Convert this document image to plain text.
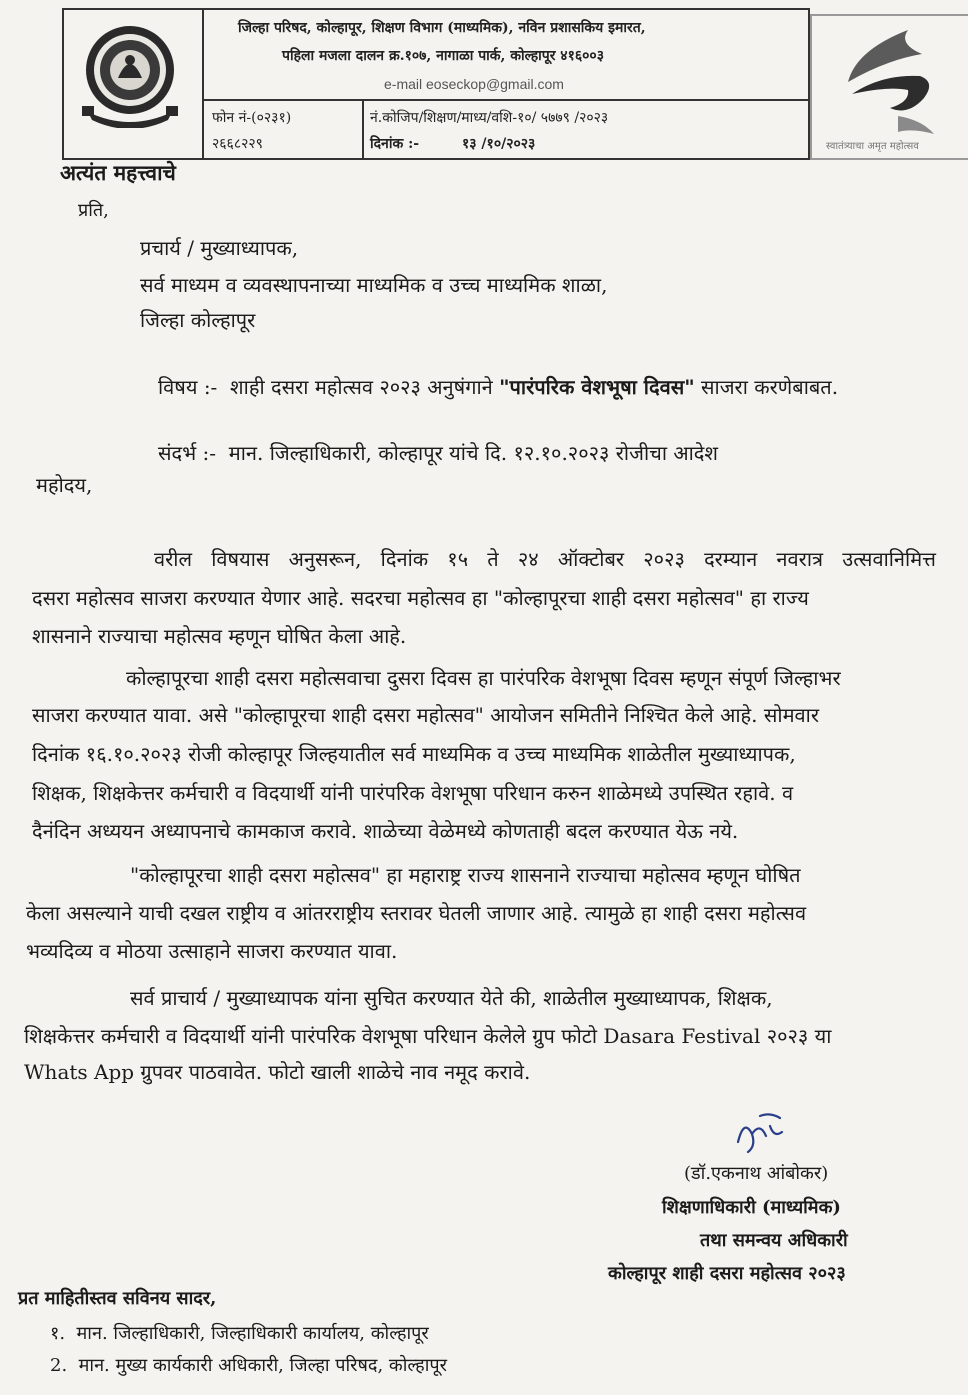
जिल्हा परिषद, कोल्हापूर, शिक्षण विभाग (माध्यमिक), नविन प्रशासकिय इमारत,
पहिला मजला दालन क्र.१०७, नागाळा पार्क, कोल्हापूर ४१६००३
e-mail eoseckop@gmail.com
फोन नं-(०२३१)
२६६८२२९
नं.कोजिप/शिक्षण/माध्य/वशि-१०/ ५७७९ /२०२३
दिनांक :-	१३ /१०/२०२३	स्वातंत्र्याचा अमृत महोत्सव
अत्यंत महत्त्वाचे
प्रति,
प्रचार्य / मुख्याध्यापक,
सर्व माध्यम व व्यवस्थापनाच्या माध्यमिक व उच्च माध्यमिक शाळा,
जिल्हा कोल्हापूर
विषय :- शाही दसरा महोत्सव २०२३ अनुषंगाने "पारंपरिक वेशभूषा दिवस" साजरा करणेबाबत.
संदर्भ :- मान. जिल्हाधिकारी, कोल्हापूर यांचे दि. १२.१०.२०२३ रोजीचा आदेश
महोदय,
वरील विषयास अनुसरून, दिनांक १५ ते २४ ऑक्टोबर २०२३ दरम्यान नवरात्र उत्सवानिमित्त
दसरा महोत्सव साजरा करण्यात येणार आहे. सदरचा महोत्सव हा "कोल्हापूरचा शाही दसरा महोत्सव" हा राज्य
शासनाने राज्याचा महोत्सव म्हणून घोषित केला आहे.
कोल्हापूरचा शाही दसरा महोत्सवाचा दुसरा दिवस हा पारंपरिक वेशभूषा दिवस म्हणून संपूर्ण जिल्हाभर
साजरा करण्यात यावा. असे "कोल्हापूरचा शाही दसरा महोत्सव" आयोजन समितीने निश्चित केले आहे. सोमवार
दिनांक १६.१०.२०२३ रोजी कोल्हापूर जिल्हयातील सर्व माध्यमिक व उच्च माध्यमिक शाळेतील मुख्याध्यापक,
शिक्षक, शिक्षकेत्तर कर्मचारी व विदयार्थी यांनी पारंपरिक वेशभूषा परिधान करुन शाळेमध्ये उपस्थित रहावे. व
दैनंदिन अध्ययन अध्यापनाचे कामकाज करावे. शाळेच्या वेळेमध्ये कोणताही बदल करण्यात येऊ नये.
"कोल्हापूरचा शाही दसरा महोत्सव" हा महाराष्ट्र राज्य शासनाने राज्याचा महोत्सव म्हणून घोषित
केला असल्याने याची दखल राष्ट्रीय व आंतरराष्ट्रीय स्तरावर घेतली जाणार आहे. त्यामुळे हा शाही दसरा महोत्सव
भव्यदिव्य व मोठया उत्साहाने साजरा करण्यात यावा.
सर्व प्राचार्य / मुख्याध्यापक यांना सुचित करण्यात येते की, शाळेतील मुख्याध्यापक, शिक्षक,
शिक्षकेत्तर कर्मचारी व विदयार्थी यांनी पारंपरिक वेशभूषा परिधान केलेले ग्रुप फोटो Dasara Festival २०२३ या
Whats App ग्रुपवर पाठवावेत. फोटो खाली शाळेचे नाव नमूद करावे.
(डॉ.एकनाथ आंबोकर)
शिक्षणाधिकारी (माध्यमिक)
तथा समन्वय अधिकारी
कोल्हापूर शाही दसरा महोत्सव २०२३
प्रत माहितीस्तव सविनय सादर,
१. मान. जिल्हाधिकारी, जिल्हाधिकारी कार्यालय, कोल्हापूर
2. मान. मुख्य कार्यकारी अधिकारी, जिल्हा परिषद, कोल्हापूर
